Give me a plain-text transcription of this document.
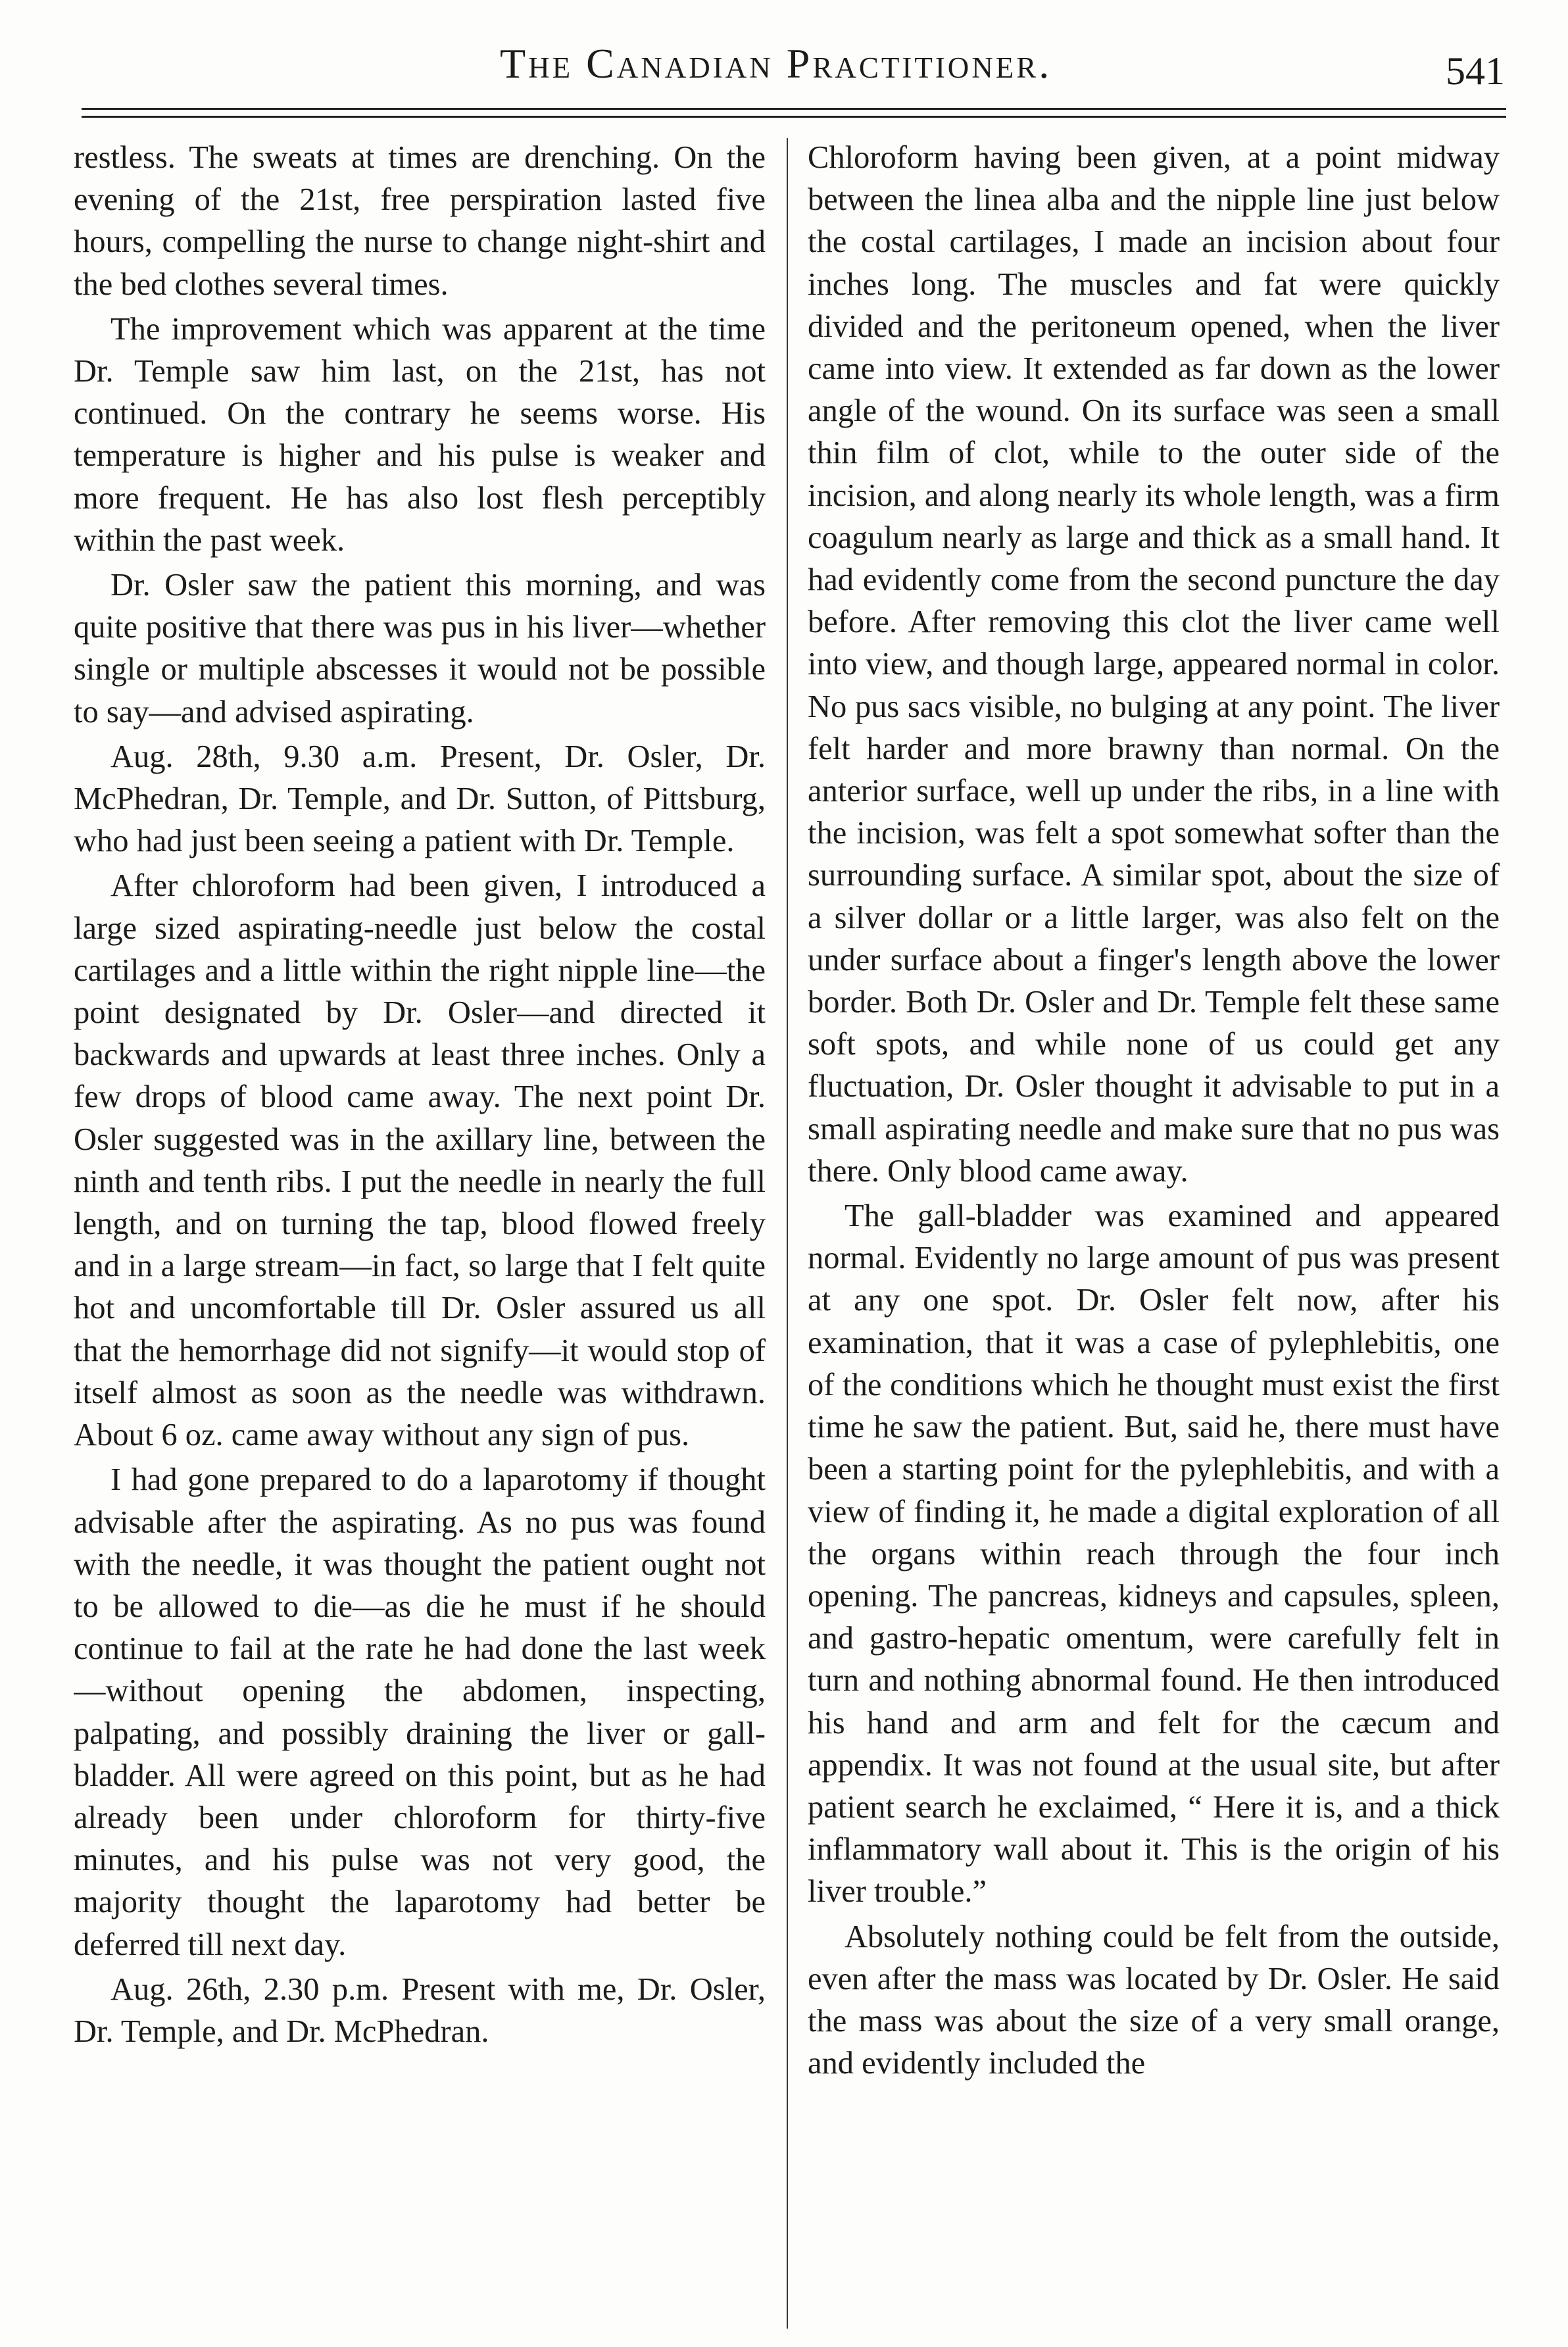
The Canadian Practitioner.	541

restless. The sweats at times are drenching. On the evening of the 21st, free perspiration lasted five hours, compelling the nurse to change night-shirt and the bed clothes several times.

The improvement which was apparent at the time Dr. Temple saw him last, on the 21st, has not continued. On the contrary he seems worse. His temperature is higher and his pulse is weaker and more frequent. He has also lost flesh perceptibly within the past week.

Dr. Osler saw the patient this morning, and was quite positive that there was pus in his liver—whether single or multiple abscesses it would not be possible to say—and advised aspirating.

Aug. 28th, 9.30 a.m. Present, Dr. Osler, Dr. McPhedran, Dr. Temple, and Dr. Sutton, of Pittsburg, who had just been seeing a patient with Dr. Temple.

After chloroform had been given, I introduced a large sized aspirating-needle just below the costal cartilages and a little within the right nipple line—the point designated by Dr. Osler—and directed it backwards and upwards at least three inches. Only a few drops of blood came away. The next point Dr. Osler suggested was in the axillary line, between the ninth and tenth ribs. I put the needle in nearly the full length, and on turning the tap, blood flowed freely and in a large stream—in fact, so large that I felt quite hot and uncomfortable till Dr. Osler assured us all that the hemorrhage did not signify—it would stop of itself almost as soon as the needle was withdrawn. About 6 oz. came away without any sign of pus.

I had gone prepared to do a laparotomy if thought advisable after the aspirating. As no pus was found with the needle, it was thought the patient ought not to be allowed to die—as die he must if he should continue to fail at the rate he had done the last week—without opening the abdomen, inspecting, palpating, and possibly draining the liver or gall-bladder. All were agreed on this point, but as he had already been under chloroform for thirty-five minutes, and his pulse was not very good, the majority thought the laparotomy had better be deferred till next day.

Aug. 26th, 2.30 p.m. Present with me, Dr. Osler, Dr. Temple, and Dr. McPhedran.

Chloroform having been given, at a point midway between the linea alba and the nipple line just below the costal cartilages, I made an incision about four inches long. The muscles and fat were quickly divided and the peritoneum opened, when the liver came into view. It extended as far down as the lower angle of the wound. On its surface was seen a small thin film of clot, while to the outer side of the incision, and along nearly its whole length, was a firm coagulum nearly as large and thick as a small hand. It had evidently come from the second puncture the day before. After removing this clot the liver came well into view, and though large, appeared normal in color. No pus sacs visible, no bulging at any point. The liver felt harder and more brawny than normal. On the anterior surface, well up under the ribs, in a line with the incision, was felt a spot somewhat softer than the surrounding surface. A similar spot, about the size of a silver dollar or a little larger, was also felt on the under surface about a finger's length above the lower border. Both Dr. Osler and Dr. Temple felt these same soft spots, and while none of us could get any fluctuation, Dr. Osler thought it advisable to put in a small aspirating needle and make sure that no pus was there. Only blood came away.

The gall-bladder was examined and appeared normal. Evidently no large amount of pus was present at any one spot. Dr. Osler felt now, after his examination, that it was a case of pylephlebitis, one of the conditions which he thought must exist the first time he saw the patient. But, said he, there must have been a starting point for the pylephlebitis, and with a view of finding it, he made a digital exploration of all the organs within reach through the four inch opening. The pancreas, kidneys and capsules, spleen, and gastro-hepatic omentum, were carefully felt in turn and nothing abnormal found. He then introduced his hand and arm and felt for the cæcum and appendix. It was not found at the usual site, but after patient search he exclaimed, “ Here it is, and a thick inflammatory wall about it. This is the origin of his liver trouble.”

Absolutely nothing could be felt from the outside, even after the mass was located by Dr. Osler. He said the mass was about the size of a very small orange, and evidently included the
